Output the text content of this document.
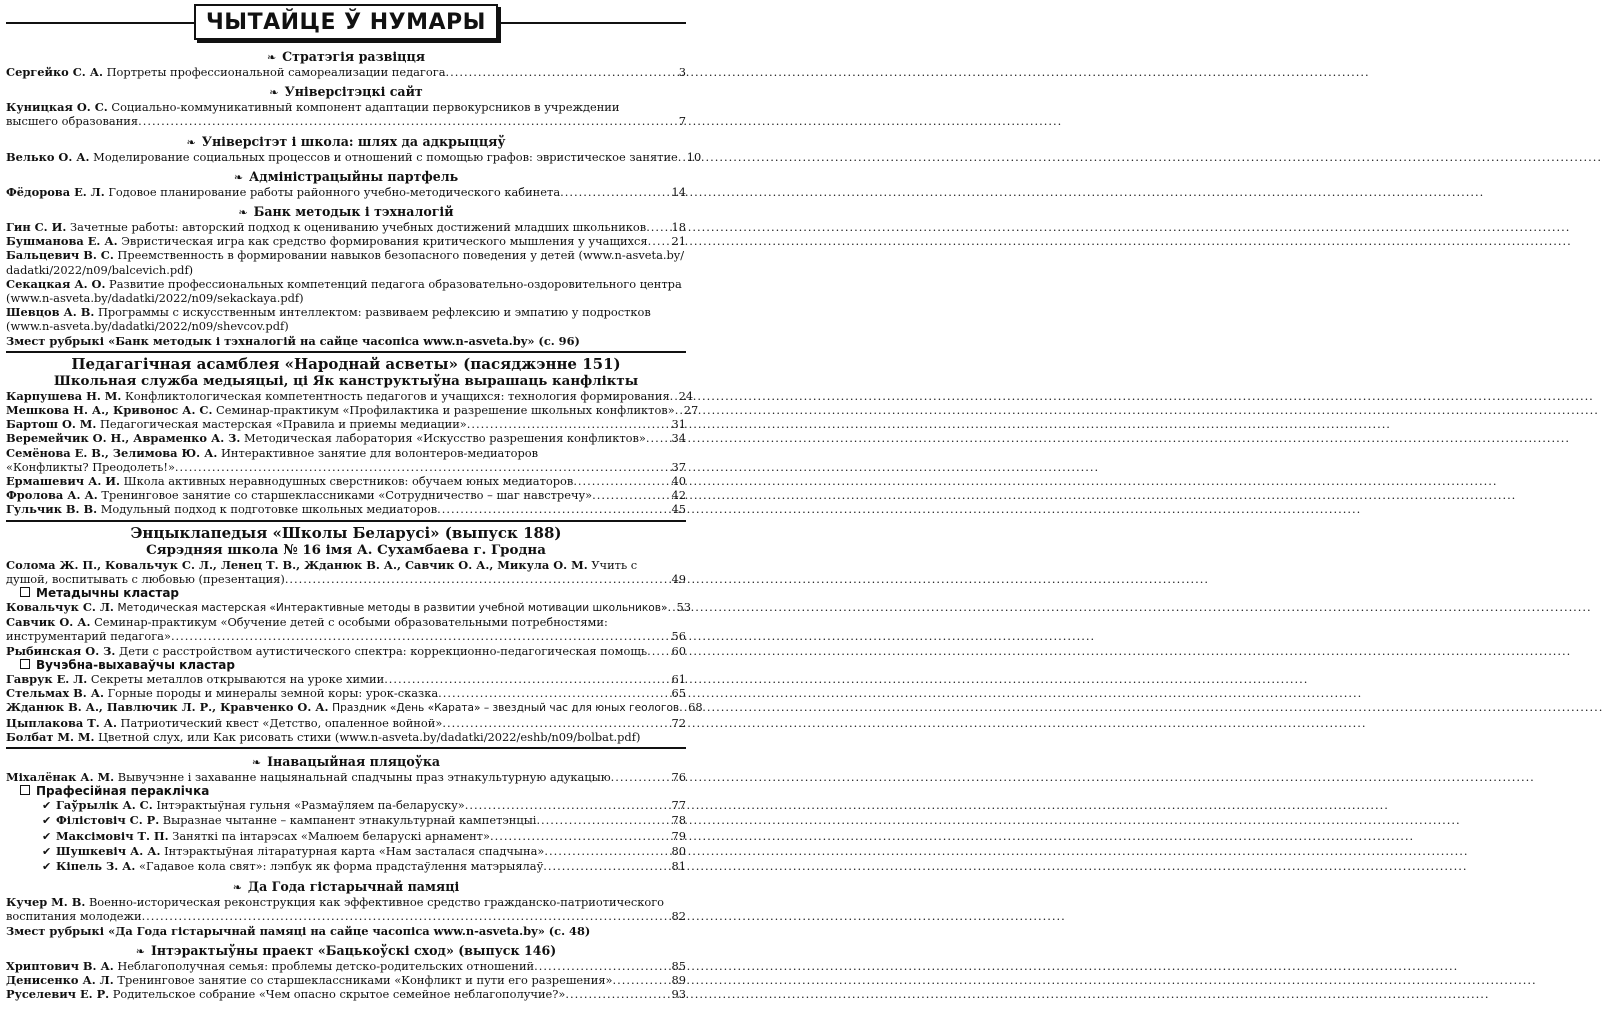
ЧЫТАЙЦЕ Ў НУМАРЫ
❧ Стратэгія развіцця
Сергейко С. А. Портреты профессиональной самореализации педагога .....	3
❧ Універсітэцкі сайт
Куницкая О. С. Социально-коммуникативный компонент адаптации первокурсников в учреждении
высшего образования .....	7
❧ Універсітэт і школа: шлях да адкрыццяў
Велько О. А. Моделирование социальных процессов и отношений с помощью графов: эвристическое занятие ..... 10
❧ Адміністрацыйны партфель
Фёдорова Е. Л. Годовое планирование работы районного учебно-методического кабинета .....	14
❧ Банк методык і тэхналогій
Гин С. И. Зачетные работы: авторский подход к оцениванию учебных достижений младших школьников ..... 18
Бушманова Е. А. Эвристическая игра как средство формирования критического мышления у учащихся ..... 21
Бальцевич В. С. Преемственность в формировании навыков безопасного поведения у детей (www.n-asveta.by/
dadatki/2022/n09/balcevich.pdf)
Секацкая А. О. Развитие профессиональных компетенций педагога образовательно-оздоровительного центра
(www.n-asveta.by/dadatki/2022/n09/sekackaya.pdf)
Шевцов А. В. Программы с искусственным интеллектом: развиваем рефлексию и эмпатию у подростков
(www.n-asveta.by/dadatki/2022/n09/shevcov.pdf)
Змест рубрыкі «Банк методык і тэхналогій на сайце часопіса www.n-asveta.by» (с. 96)
Педагагічная асамблея «Народнай асветы» (пасяджэнне 151)
Школьная служба медыяцыі, ці Як канструктыўна вырашаць канфлікты
Карпушева Н. М. Конфликтологическая компетентность педагогов и учащихся: технология формирования ..... 24
Мешкова Н. А., Кривонос А. С. Семинар-практикум «Профилактика и разрешение школьных конфликтов» ..... 27
Бартош О. М. Педагогическая мастерская «Правила и приемы медиации» .....	31
Веремейчик О. Н., Авраменко А. З. Методическая лаборатория «Искусство разрешения конфликтов» ..... 34
Семёнова Е. В., Зелимова Ю. А. Интерактивное занятие для волонтеров-медиаторов
«Конфликты? Преодолеть!» .....	37
Ермашевич А. И. Школа активных неравнодушных сверстников: обучаем юных медиаторов .....	40
Фролова А. А. Тренинговое занятие со старшеклассниками «Сотрудничество – шаг навстречу» .....	42
Гульчик В. В. Модульный подход к подготовке школьных медиаторов .....	45
Энцыклапедыя «Школы Беларусі» (выпуск 188)
Сярэдняя школа № 16 імя А. Сухамбаева г. Гродна
Солома Ж. П., Ковальчук С. Л., Ленец Т. В., Жданюк В. А., Савчик О. А., Микула О. М. Учить с
душой, воспитывать с любовью (презентация) .....	49
Метадычны кластар
Ковальчук С. Л. Методическая мастерская «Интерактивные методы в развитии учебной мотивации школьников» ..... 53
Савчик О. А. Семинар-практикум «Обучение детей с особыми образовательными потребностями:
инструментарий педагога» .....	56
Рыбинская О. З. Дети с расстройством аутистического спектра: коррекционно-педагогическая помощь ..... 60
Вучэбна-выхаваўчы кластар
Гаврук Е. Л. Секреты металлов открываются на уроке химии .....	61
Стельмах В. А. Горные породы и минералы земной коры: урок-сказка .....	65
Жданюк В. А., Павлючик Л. Р., Кравченко О. А. Праздник «День «Карата» – звездный час для юных геологов ..... 68
Цыплакова Т. А. Патриотический квест «Детство, опаленное войной» .....	72
Болбат М. М. Цветной слух, или Как рисовать стихи (www.n-asveta.by/dadatki/2022/eshb/n09/bolbat.pdf)
❧ Інавацыйная пляцоўка
Міхалёнак А. М. Вывучэнне і захаванне нацыянальнай спадчыны праз этнакультурную адукацыю .....	76
Прафесійная пераклічка
✔ Гаўрылік А. С. Інтэрактыўная гульня «Размаўляем па-беларуску» .....	77
✔ Філістовіч С. Р. Выразнае чытанне – кампанент этнакультурнай кампетэнцыі .....	78
✔ Максімовіч Т. П. Заняткі па інтарэсах «Малюем беларускі арнамент» .....	79
✔ Шушкевіч А. А. Інтэрактыўная літаратурная карта «Нам засталася спадчына» .....	80
✔ Кіпель З. А. «Гадавое кола свят»: лэпбук як форма прадстаўлення матэрыялаў .....	81
❧ Да Года гістарычнай памяці
Кучер М. В. Военно-историческая реконструкция как эффективное средство гражданско-патриотического
воспитания молодежи .....	82
Змест рубрыкі «Да Года гістарычнай памяці на сайце часопіса www.n-asveta.by» (с. 48)
❧ Інтэрактыўны праект «Бацькоўскі сход» (выпуск 146)
Хриптович В. А. Неблагополучная семья: проблемы детско-родительских отношений .....	85
Денисенко А. Л. Тренинговое занятие со старшеклассниками «Конфликт и пути его разрешения» .....	89
Руселевич Е. Р. Родительское собрание «Чем опасно скрытое семейное неблагополучие?» .....	93
